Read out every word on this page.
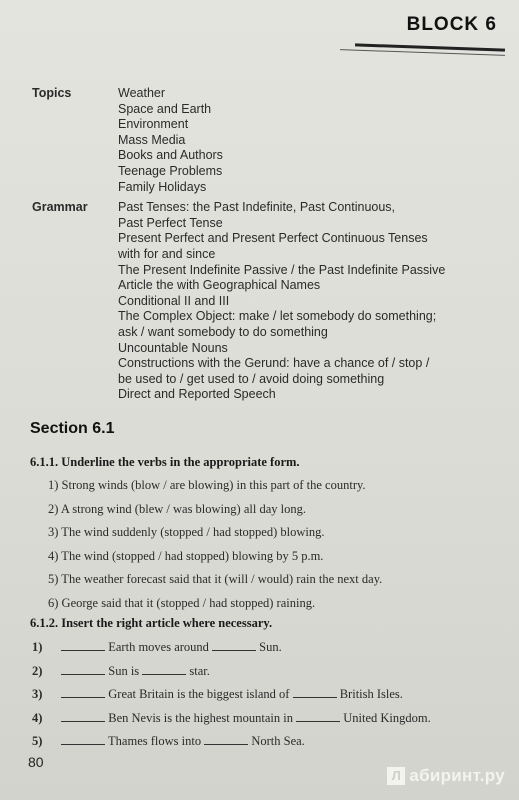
BLOCK 6
Topics	Weather
Space and Earth
Environment
Mass Media
Books and Authors
Teenage Problems
Family Holidays
Grammar	Past Tenses: the Past Indefinite, Past Continuous,
Past Perfect Tense
Present Perfect and Present Perfect Continuous Tenses
with for and since
The Present Indefinite Passive / the Past Indefinite Passive
Article the with Geographical Names
Conditional II and III
The Complex Object: make / let somebody do something;
ask / want somebody to do something
Uncountable Nouns
Constructions with the Gerund: have a chance of / stop /
be used to / get used to / avoid doing something
Direct and Reported Speech
Section 6.1
6.1.1. Underline the verbs in the appropriate form.
1) Strong winds (blow / are blowing) in this part of the country.
2) A strong wind (blew / was blowing) all day long.
3) The wind suddenly (stopped / had stopped) blowing.
4) The wind (stopped / had stopped) blowing by 5 p.m.
5) The weather forecast said that it (will / would) rain the next day.
6) George said that it (stopped / had stopped) raining.
6.1.2. Insert the right article where necessary.
1)	Earth moves around	Sun.
2)	Sun is	star.
3)	Great Britain is the biggest island of	British Isles.
4)	Ben Nevis is the highest mountain in	United Kingdom.
5)	Thames flows into	North Sea.
80
Л абиринт.ру
